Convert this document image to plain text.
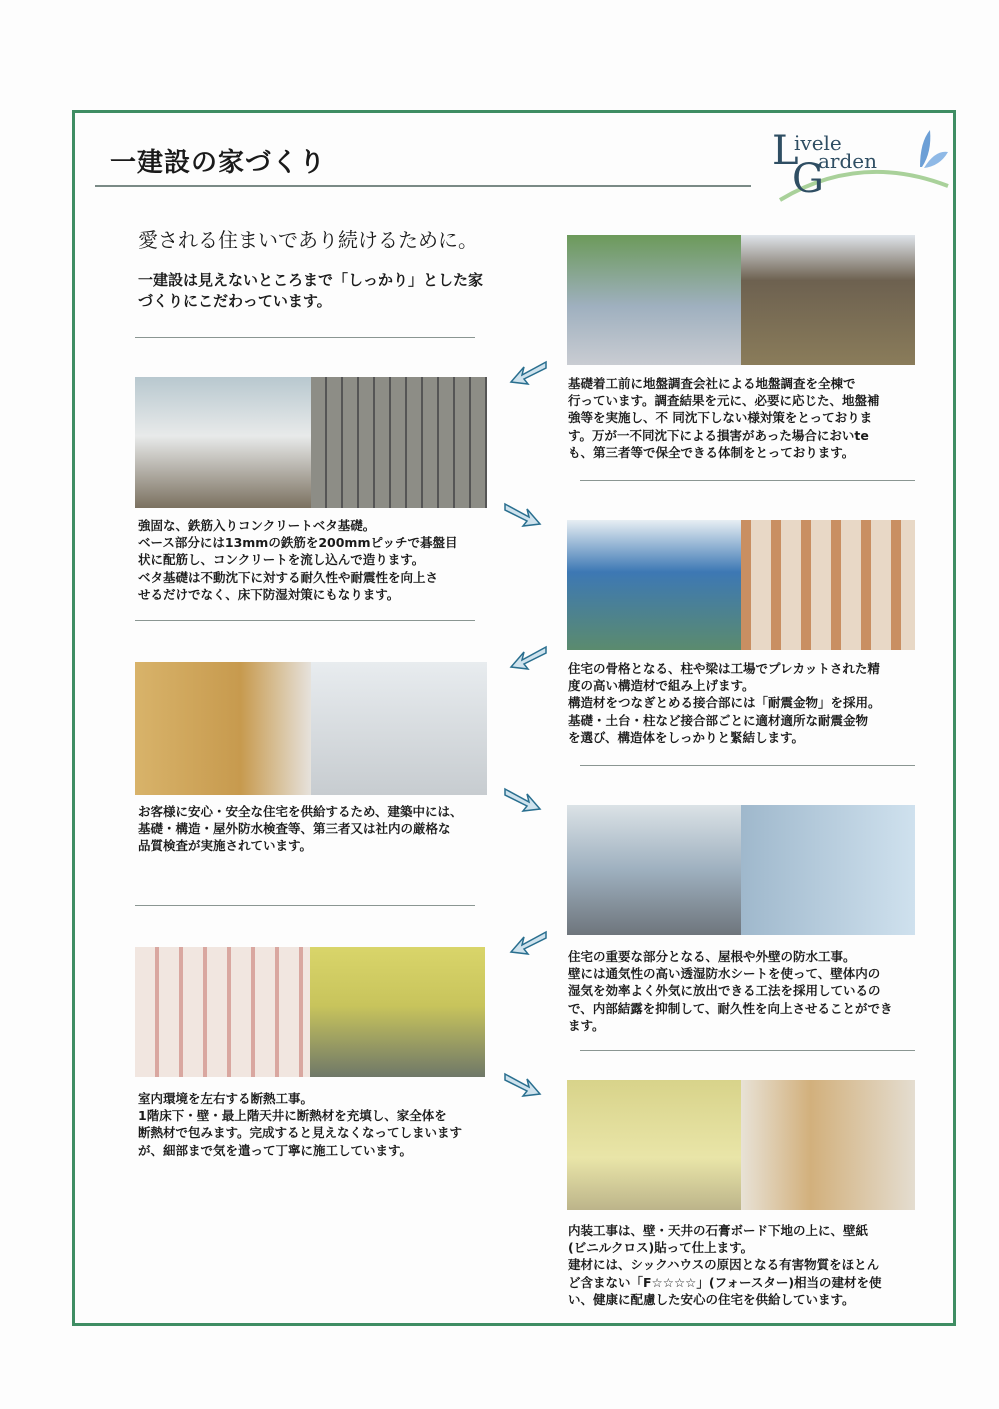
一建設の家づくり	L
ivele
G
arden
愛される住まいであり続けるために。
一建設は見えないところまで「しっかり」とした家
づくりにこだわっています。
基礎着工前に地盤調査会社による地盤調査を全棟で
行っています。調査結果を元に、必要に応じた、地盤補
強等を実施し、不 同沈下しない様対策をとっておりま
す。万が一不同沈下による損害があった場合においte
も、第三者等で保全できる体制をとっております。
強固な、鉄筋入りコンクリートベタ基礎。
ベース部分には13mmの鉄筋を200mmピッチで碁盤目
状に配筋し、コンクリートを流し込んで造ります。
ベタ基礎は不動沈下に対する耐久性や耐震性を向上さ
せるだけでなく、床下防湿対策にもなります。
住宅の骨格となる、柱や梁は工場でプレカットされた精
度の高い構造材で組み上げます。
構造材をつなぎとめる接合部には「耐震金物」を採用。
基礎・土台・柱など接合部ごとに適材適所な耐震金物
を選び、構造体をしっかりと緊結します。
お客様に安心・安全な住宅を供給するため、建築中には、
基礎・構造・屋外防水検査等、第三者又は社内の厳格な
品質検査が実施されています。
住宅の重要な部分となる、屋根や外壁の防水工事。
壁には通気性の高い透湿防水シートを使って、壁体内の
湿気を効率よく外気に放出できる工法を採用しているの
で、内部結露を抑制して、耐久性を向上させることができ
ます。
室内環境を左右する断熱工事。
1階床下・壁・最上階天井に断熱材を充填し、家全体を
断熱材で包みます。完成すると見えなくなってしまいます
が、細部まで気を遣って丁寧に施工しています。
内装工事は、壁・天井の石膏ボード下地の上に、壁紙
(ビニルクロス)貼って仕上ます。
建材には、シックハウスの原因となる有害物質をほとん
ど含まない「F☆☆☆☆」(フォースター)相当の建材を使
い、健康に配慮した安心の住宅を供給しています。
